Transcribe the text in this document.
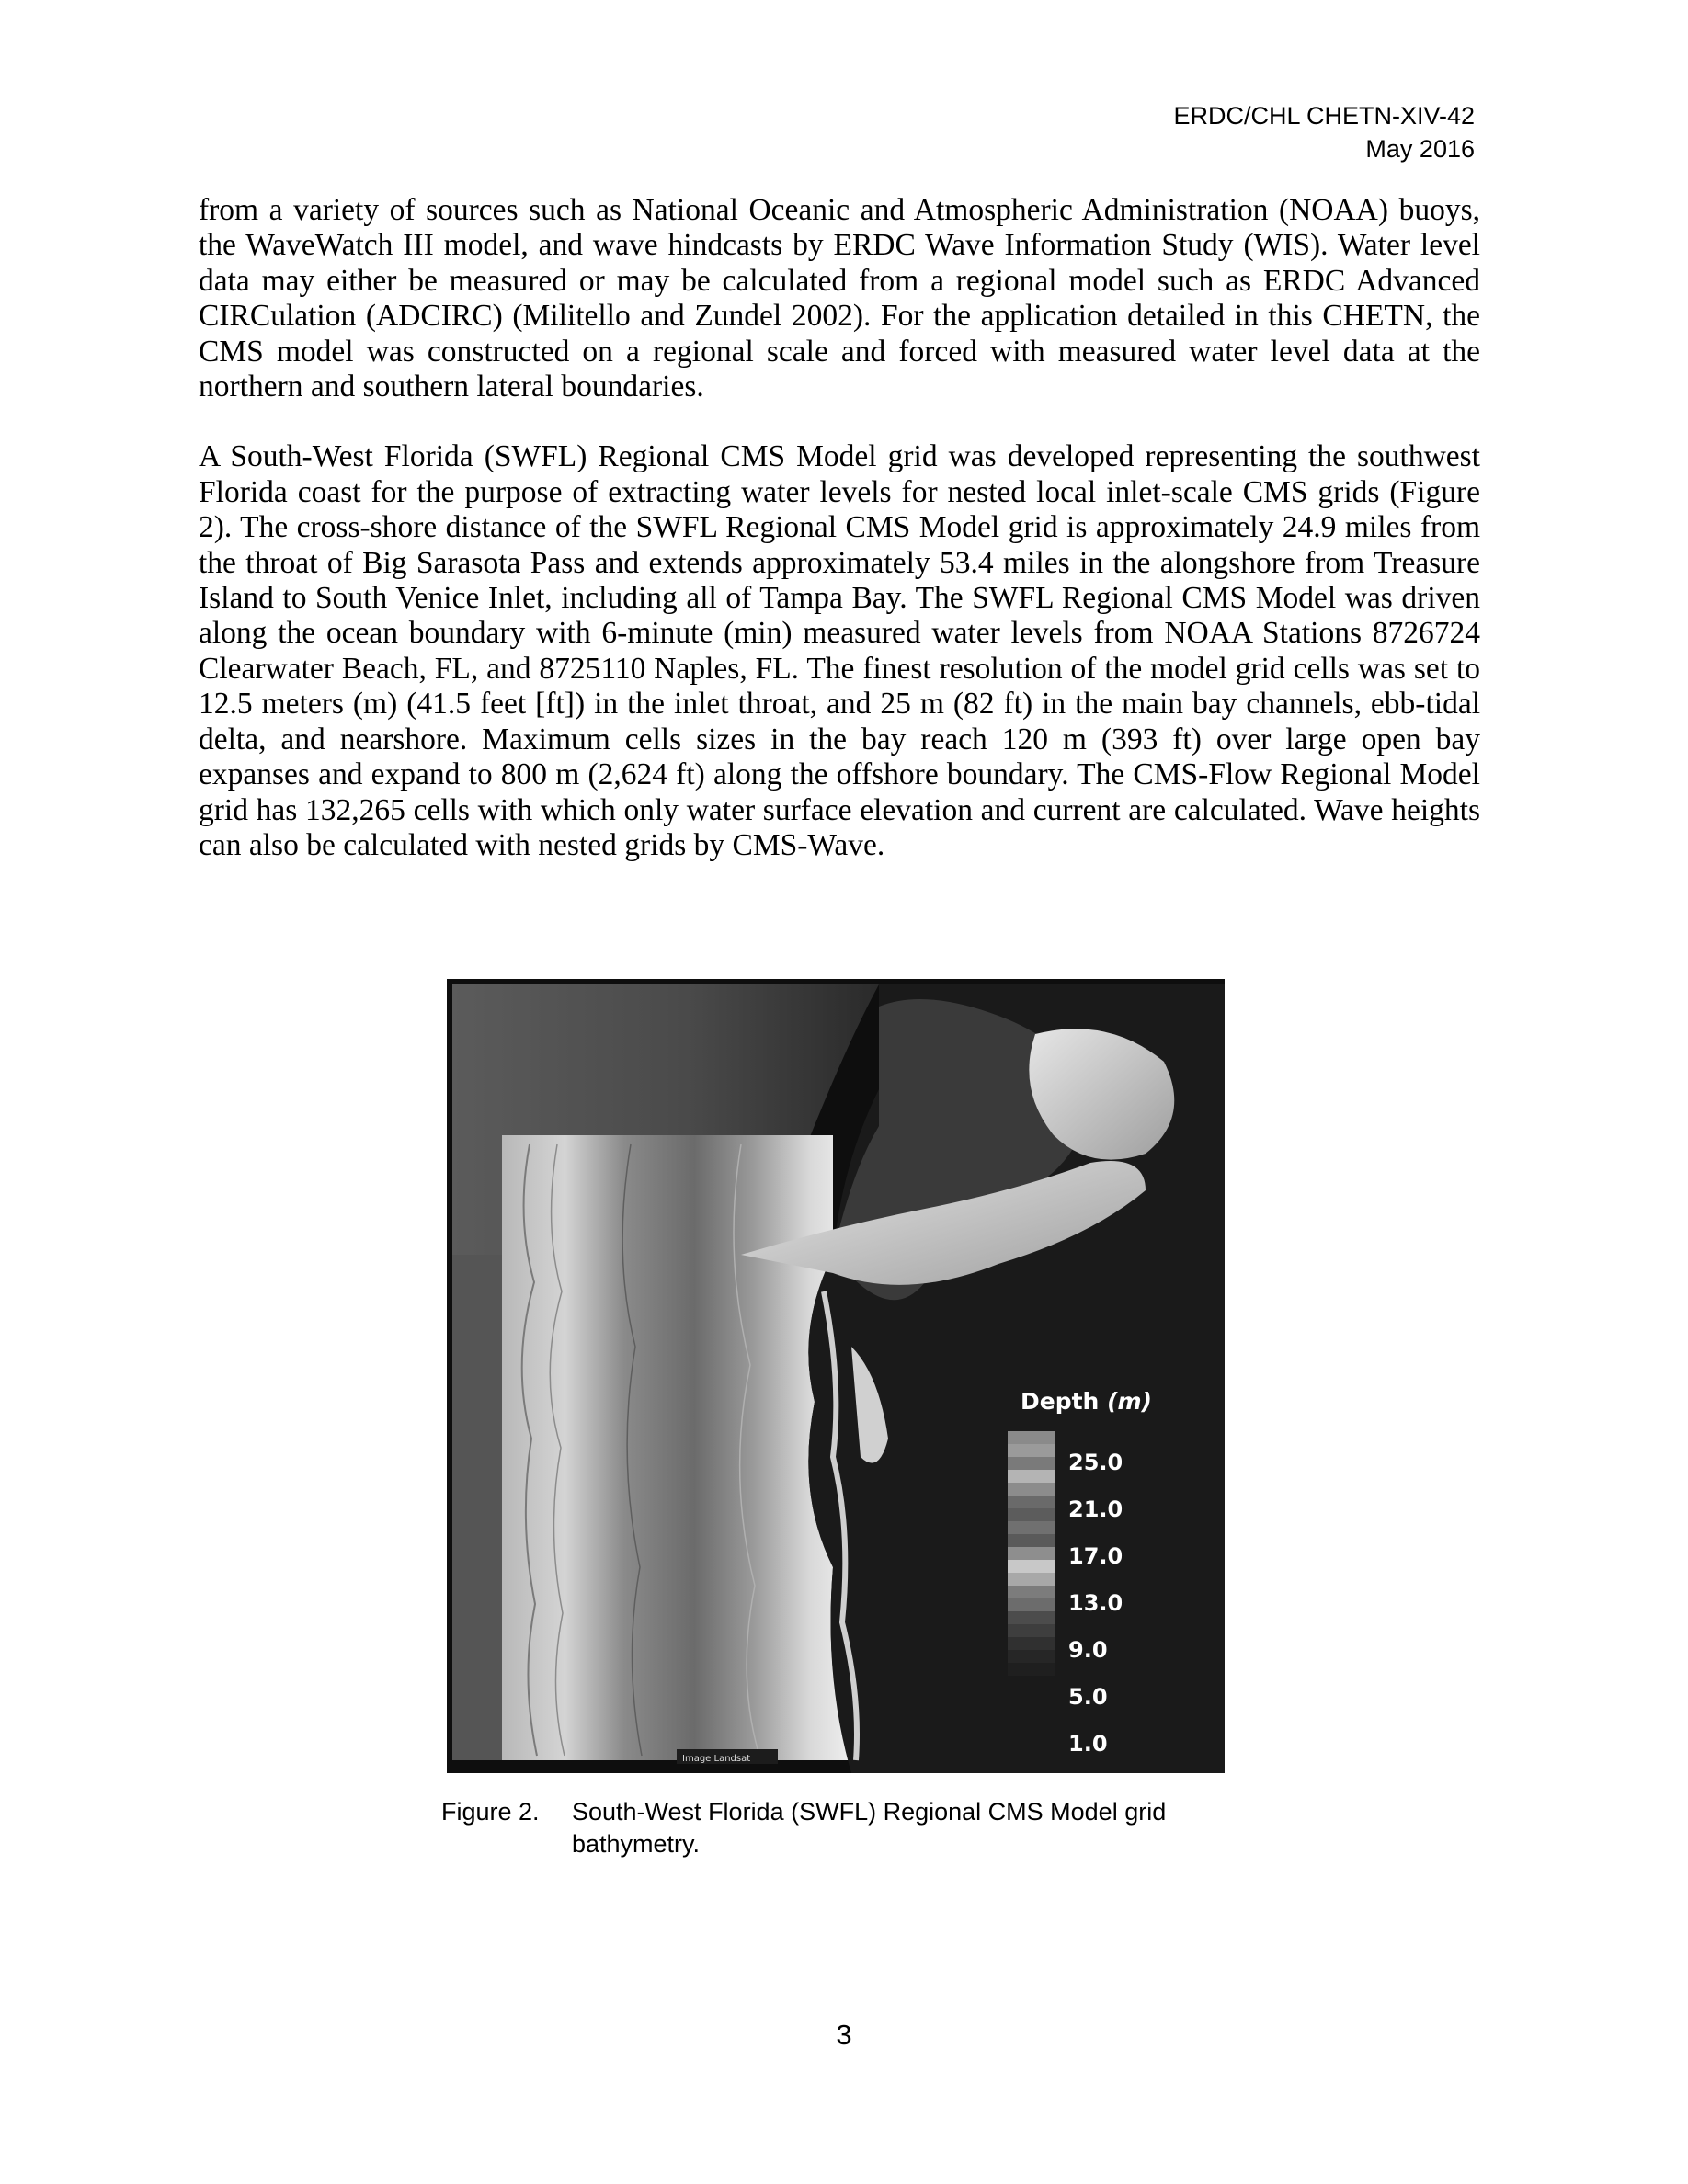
ERDC/CHL CHETN-XIV-42
May 2016

from a variety of sources such as National Oceanic and Atmospheric Administration (NOAA) buoys, the WaveWatch III model, and wave hindcasts by ERDC Wave Information Study (WIS). Water level data may either be measured or may be calculated from a regional model such as ERDC Advanced CIRCulation (ADCIRC) (Militello and Zundel 2002). For the application detailed in this CHETN, the CMS model was constructed on a regional scale and forced with measured water level data at the northern and southern lateral boundaries.

A South-West Florida (SWFL) Regional CMS Model grid was developed representing the southwest Florida coast for the purpose of extracting water levels for nested local inlet-scale CMS grids (Figure 2). The cross-shore distance of the SWFL Regional CMS Model grid is approximately 24.9 miles from the throat of Big Sarasota Pass and extends approximately 53.4 miles in the alongshore from Treasure Island to South Venice Inlet, including all of Tampa Bay. The SWFL Regional CMS Model was driven along the ocean boundary with 6-minute (min) measured water levels from NOAA Stations 8726724 Clearwater Beach, FL, and 8725110 Naples, FL. The finest resolution of the model grid cells was set to 12.5 meters (m) (41.5 feet [ft]) in the inlet throat, and 25 m (82 ft) in the main bay channels, ebb-tidal delta, and nearshore. Maximum cells sizes in the bay reach 120 m (393 ft) over large open bay expanses and expand to 800 m (2,624 ft) along the offshore boundary. The CMS-Flow Regional Model grid has 132,265 cells with which only water surface elevation and current are calculated. Wave heights can also be calculated with nested grids by CMS-Wave.

Depth (m)
25.0
21.0
17.0
13.0
9.0
5.0
1.0
Image Landsat
Figure 2. South-West Florida (SWFL) Regional CMS Model grid bathymetry.
3
